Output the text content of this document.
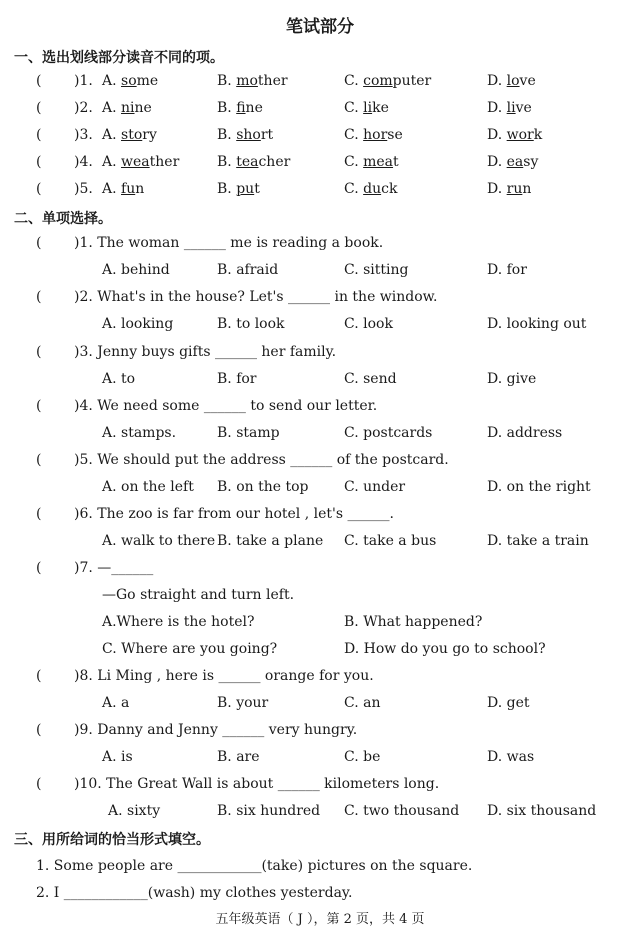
笔试部分
一、选出划线部分读音不同的项。
( )1. A. some	B. mother	C. computer	D. love
( )2. A. nine	B. fine	C. like	D. live
( )3. A. story	B. short	C. horse	D. work
( )4. A. weather	B. teacher	C. meat	D. easy
( )5. A. fun	B. put	C. duck	D. run
二、单项选择。
( )1. The woman ______ me is reading a book.
A. behind	B. afraid	C. sitting	D. for
( )2. What's in the house? Let's ______ in the window.
A. looking	B. to look	C. look	D. looking out
( )3. Jenny buys gifts ______ her family.
A. to	B. for	C. send	D. give
( )4. We need some ______ to send our letter.
A. stamps.	B. stamp	C. postcards	D. address
( )5. We should put the address ______ of the postcard.
A. on the left B. on the top	C. under	D. on the right
( )6. The zoo is far from our hotel , let's ______.
A. walk to there B. take a plane C. take a bus	D. take a train
( )7. —______
—Go straight and turn left.
A.Where is the hotel?	B. What happened?
C. Where are you going?	D. How do you go to school?
( )8. Li Ming , here is ______ orange for you.
A. a	B. your	C. an	D. get
( )9. Danny and Jenny ______ very hungry.
A. is	B. are	C. be	D. was
( )10. The Great Wall is about ______ kilometers long.
A. sixty	B. six hundred C. two thousand D. six thousand
三、用所给词的恰当形式填空。
1. Some people are ____________(take) pictures on the square.
2. I ____________(wash) my clothes yesterday.
五年级英语（ J ），第 2 页，共 4 页
